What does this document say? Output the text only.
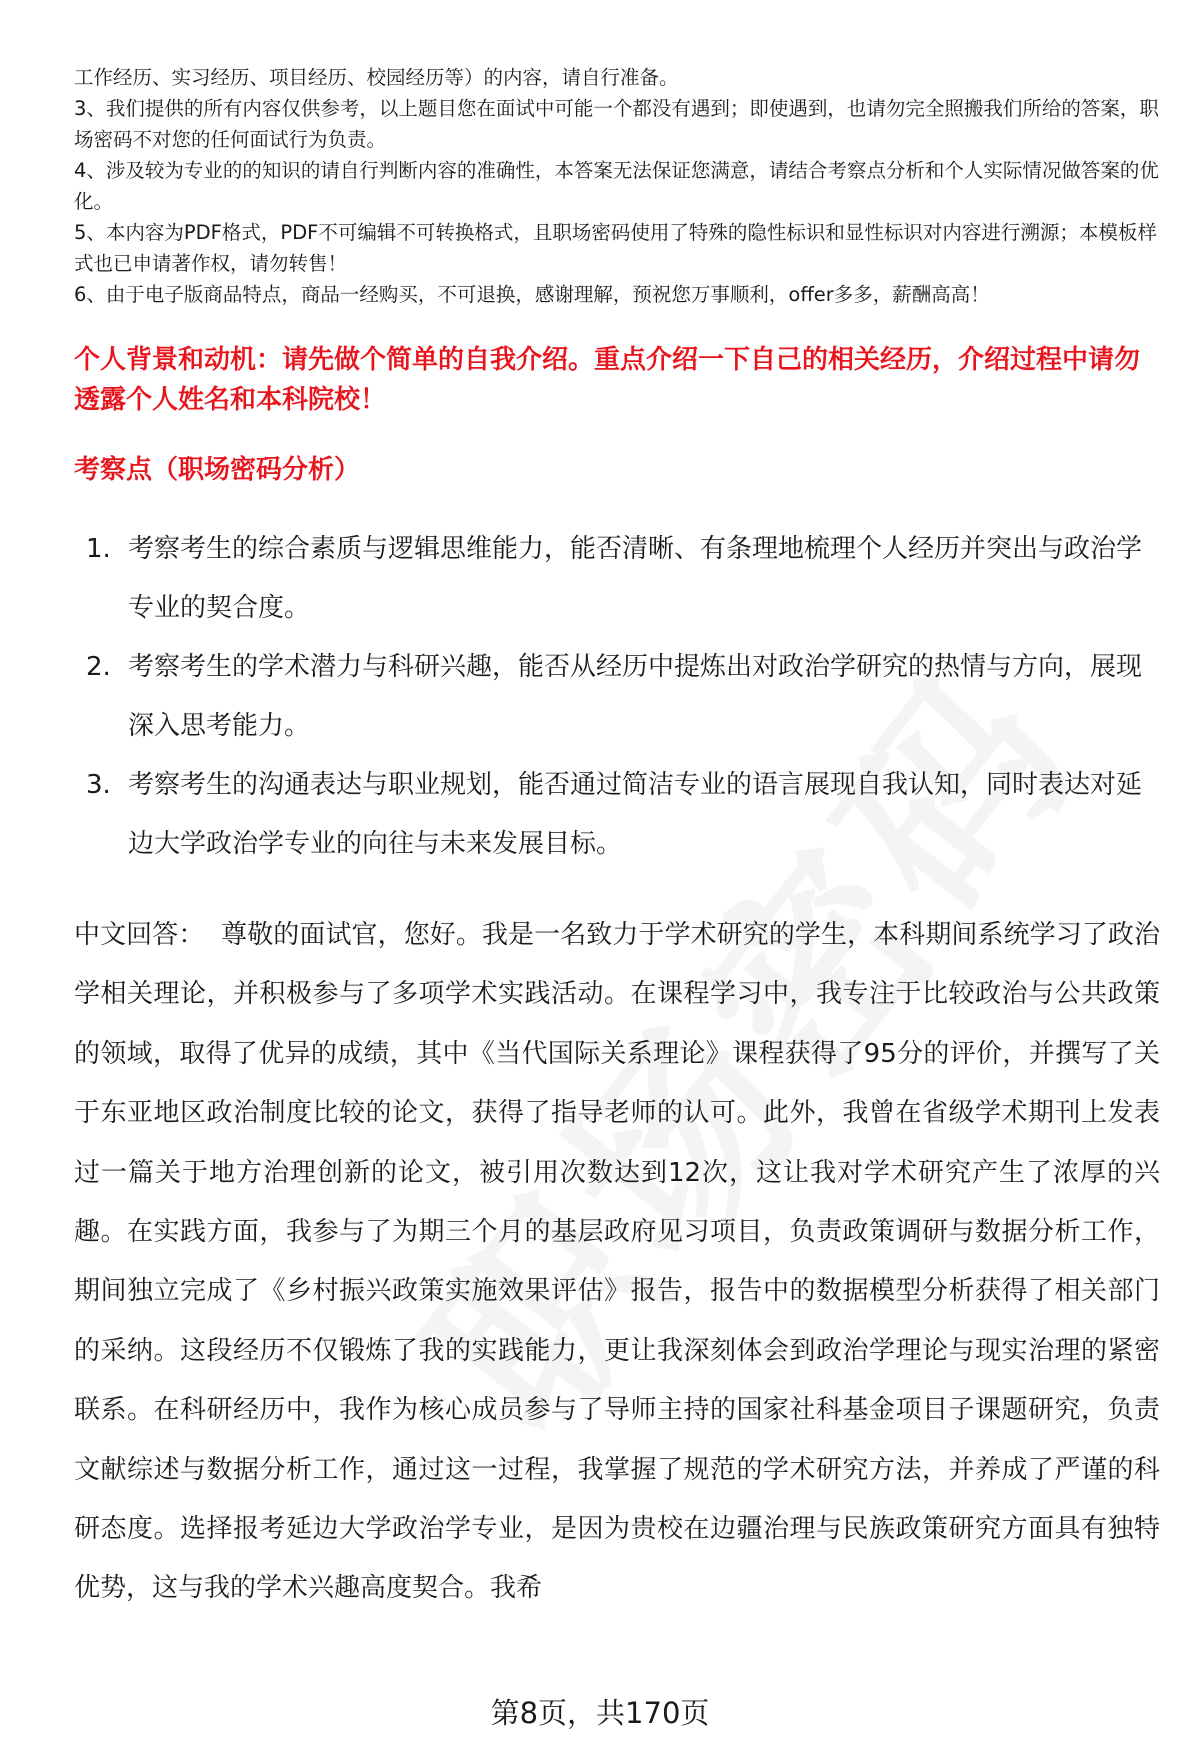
工作经历、实习经历、项目经历、校园经历等）的内容，请自行准备。

3、我们提供的所有内容仅供参考，以上题目您在面试中可能一个都没有遇到；即使遇到，也请勿完全照搬我们所给的答案，职场密码不对您的任何面试行为负责。

4、涉及较为专业的的知识的请自行判断内容的准确性，本答案无法保证您满意，请结合考察点分析和个人实际情况做答案的优化。

5、本内容为PDF格式，PDF不可编辑不可转换格式，且职场密码使用了特殊的隐性标识和显性标识对内容进行溯源；本模板样式也已申请著作权，请勿转售！

6、由于电子版商品特点，商品一经购买，不可退换，感谢理解，预祝您万事顺利，offer多多，薪酬高高！

个人背景和动机：请先做个简单的自我介绍。重点介绍一下自己的相关经历，介绍过程中请勿透露个人姓名和本科院校！
考察点（职场密码分析）
1. 考察考生的综合素质与逻辑思维能力，能否清晰、有条理地梳理个人经历并突出与政治学专业的契合度。
2. 考察考生的学术潜力与科研兴趣，能否从经历中提炼出对政治学研究的热情与方向，展现深入思考能力。
3. 考察考生的沟通表达与职业规划，能否通过简洁专业的语言展现自我认知，同时表达对延边大学政治学专业的向往与未来发展目标。

中文回答： 尊敬的面试官，您好。我是一名致力于学术研究的学生，本科期间系统学习了政治学相关理论，并积极参与了多项学术实践活动。在课程学习中，我专注于比较政治与公共政策的领域，取得了优异的成绩，其中《当代国际关系理论》课程获得了95分的评价，并撰写了关于东亚地区政治制度比较的论文，获得了指导老师的认可。此外，我曾在省级学术期刊上发表过一篇关于地方治理创新的论文，被引用次数达到12次，这让我对学术研究产生了浓厚的兴趣。在实践方面，我参与了为期三个月的基层政府见习项目，负责政策调研与数据分析工作，期间独立完成了《乡村振兴政策实施效果评估》报告，报告中的数据模型分析获得了相关部门的采纳。这段经历不仅锻炼了我的实践能力，更让我深刻体会到政治学理论与现实治理的紧密联系。在科研经历中，我作为核心成员参与了导师主持的国家社科基金项目子课题研究，负责文献综述与数据分析工作，通过这一过程，我掌握了规范的学术研究方法，并养成了严谨的科研态度。选择报考延边大学政治学专业，是因为贵校在边疆治理与民族政策研究方面具有独特优势，这与我的学术兴趣高度契合。我希

第8页，共170页
